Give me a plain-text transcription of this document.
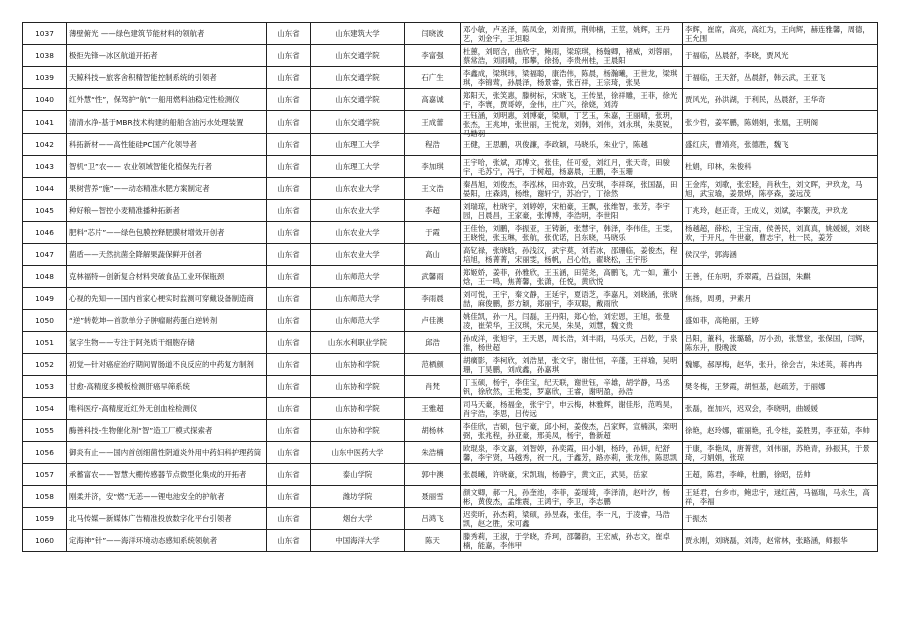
1037	薄壁俯光 ——绿色建筑节能材料的领航者	山东省	山东建筑大学	闫晓波	邓小敏，卢圣泽，陈凤金，刘青照，荆帅楠，王莖，姚辉，王丹艺，刘金宇，王坦聪	李辉，崔席，高亮，高红为，王向辉，赫连雅馨，周德，王允围

1038	极拒先锋—冰区航道开拓者	山东省	山东交通学院	李富强	杜蕙，刘昭含，曲欣宇，鲍雨，梁琼琪，杨翰卿，褚威，刘蓉丽，蔡常浩，刘雨晴，邢攀，徐扬，李贵州桂，王晨阳	于福临，丛晨舒，李晓，贾风光

1039	天鲸科技—旅客舍积精智能控制系统的引领者	山东省	山东交通学院	石广生	李鑫成，梁琪玮，梁福聪，康浩伟，陈晨，杨瀚曦，王世龙，梁琪琪，李锦莺，孙晨泽，杨景睿，张百祥，王宗琦，张昊	于福临，王天舒，丛晨舒，韩云武，王亚飞

1040	红外慧“性”，保驾护“航”一船用燃料油稳定性检测仪	山东省	山东交通学院	高嘉诚	郑阳天，张笑惠，滕树标，宋晓飞，王传星，徐祥雕，王菲，徐光宇，李寰，贾哥婷，金伟，庄广兴，徐娆，刘涛	贾风光，孙洪湖，于利民，丛晨舒，王华奇

1041	清清水净-基于MBR技术构建的船舶含油污水处理装置	山东省	山东交通学院	王成蕾	王钰涵，刘明惠，刘博豪，梁顺，丁艺玉，朱嘉，王丽晴，张玥，张杰，王兆坤，张世丽，王悦龙，刘韩，刘伟，刘永琪，朱莫锐，马皓羽	张少哲，姜军鹏，陈娟娟，张凰，王明阁

1042	科拓新材——高性能硅PC国产化领导者	山东省	山东理工大学	程浩	王健，王思鹏，巩俊濂，李政颖，马晓乐，朱业宁，陈越	盛红庆，曹靖亮，张德胜，魏飞

1043	智机“卫”农—— 农业领域智能化植保先行者	山东省	山东理工大学	李加琪	王宇哈，张斌，邓博文，张佳，任可爱，刘红月，张天奇，田骏宇，毛苏宁，冯宇，于树超，杨嘉晨，王鹏，李玉珊	杜娟，印林，朱俊科

1044	果树营养“施”——动态精准水肥方案制定者	山东省	山东农业大学	王文浩	秦昌旭，刘俊杰，李泓林，田亦致，吕安琪，李祥琛，张国磊，田晏阳，庄森鸿，杨维，谢轩宁，苏冶宁，丁徐然	王金库，刘歌，张宏睦，肖秋生，刘文晖，尹玖龙，马旭，武宝瑜，姜景烨，陈亭森，姜远茂

1045	种好粮—智控小麦精准播种拓新者	山东省	山东农业大学	李超	刘瑞琼，杜晓宇，刘婷婷，宋柏豪，王飘，张维智，张芳，李宇园，吕晨昌，王家豪，张博博，李浩明，李世阳	丁兆玲，赵正奇，王成义，刘斌，李繁茂，尹玖龙

1046	肥料“芯片”——绿色包膜控释肥膜材增效开创者	山东省	山东农业大学	于霞	王佳怡，刘鹏，李振亚，王铸新，张慧宇，韩泽，李伟佳，王雯，王晓悦，张玉琳，张航，张优诺，吕东晓，马晓乐	杨越超，薛松，王宝南，侯善民，刘真真，姚媛媛，刘晓欢，于开凡，牛世豪，曹志宇，杜一民，姜芳

1047	菌盾——天然抗菌全降解果蔬保鲜开创者	山东省	山东农业大学	高山	高钇禄，张晓晗，孙浅汉，武宇莫，刘若冰，邵珊临，姜俊杰，程培旭，杨菁菁，宋丽雯，杨帆，吕心怡，翟晓松，王宇彤	侯汉学，郭海涵

1048	克林福特—创新复合材料突破食品工业环保瓶颈	山东省	山东师范大学	武馨雨	郑姬娇，姜菲，孙雅欣，王玉涵，田莞尧，高鹏飞，尤一如，董小焓，王一鸣，焦菁馨，张潇，任悦，黄欣悦	王善，任东明，乔翠霞，吕益国，朱麒

1049	心视的先知——国内首家心梗实时监测可穿戴设备制造商	山东省	山东师范大学	李雨晨	刘可悦，王宇，秦文静，王延宇，夏语芝，李嘉凡，刘晓涵，张晓喆，麻俊鹏，彭方颖，郑丽宇，李双聪，戴雨欣	焦扬，周勇，尹素月

1050	“逆”转乾坤—首款单分子肿瘤耐药蛋白逆转剂	山东省	山东师范大学	卢佳澳	姚佳凯，孙一凡，闫磊，王丹阳，郑心怡，刘宏恩，王旭，张曼凌，崔荣华，王汉琪，宋元昊，朱昊，刘慧，魏文贵	盛如菲，高艳丽，王婷

1051	氢字生物——专注于阿尧质干细胞存储	山东省	山东水利职业学院	邱浩	孙成洋，张旭宇，王天恩，周长浩，刘丰雨，马乐天，吕乾，于泉淮，杨世超	吕阳，董科，张璐璐，厉小劲，张慧堂，张保国，闫辉，陈东升，殷晚波

1052	初觉—针对癌症治疗期间胃肠道不良反应的中药复方制剂	山东省	山东协和学院	范栖颜	胡癀影，李柯欣，刘浩星，张文宇，谢仕恒，辛蓬，王祥瑜，吴明珊，丁昊鹏，刘成鑫，孙嘉琪	魏娜，郝厚梅，赵华，张升，徐会吉，朱述英，蒋冉冉

1053	甘愈-高精度多模板检测肝癌早筛系统	山东省	山东协和学院	肖梵	丁玉硕，杨宇，李佳宝，纪天联，谢世钰，辛雄，胡学静，马丞钒，徐欣然，王艳雯，罗嘉欣，王睿，谢明盈，孙浩	樊冬梅，王梦霞，胡恒基，赵疏芳，于丽娜

1054	唯科医疗-高精度近红外无创血栓检测仪	山东省	山东协和学院	王雅超	司马天豪，杨福金，张宇宁，申云梅，林雅辉，谢佳彤，范鸣昊，肖宇浩，李思，吕传远	张磊，崔加兴，迟双会，李晓明，曲媛媛

1055	酶善科技-生物催化剂“智”造工厂模式探索者	山东省	山东协和学院	胡杨林	李佳欣，吉硕，包宇豪，邱小柯，姜俊杰，吕家辉，宣楠淇，栾明弼，张兆程，孙亚豪，邢美凤，杨宇，鲁新超	徐艳，赵玲娜，霍丽艳，孔令桂，姜胜男，李亚茹，李帅

1056	御炎有止——国内首创细菌性阴道炎外用中药妇科护理药筒	山东省	山东中医药大学	朱浩楠	欧琨泉，李文嘉，刘智婷，孙奕霞，田小娟，杨玲，孙妍，纪舒馨，李宇贤，马越秀，祝一凡，于鑫芳，路亦莉，张龙伟，陈思凯	于康，李艳凤，唐菁营，刘伟丽，苏艳青，孙振其，于景琦，刁娟娟，张琼

1057	承蓄富农——智慧大棚传感器节点微型化集成的开拓者	山东省	泰山学院	郭中澳	张晨曦，许晓豪，宋凯瑞，杨静宇，黄文正，武昊，岳家	王超，陈君，李峰，杜鹏，徐昭，岳帅

1058	刚柔并济，安“燃”无恙——锂电池安全的护航者	山东省	潍坊学院	聂丽雪	颜文卿，郝一凡，孙奎池，李菲，姜瑷琦，李泽清，赵叶汐，杨彬，黄俊杰，孟维震，王鸿宇，李卫，李志鹏	王延君，台乡市，鲍忠宇，逯红茜，马福瑞，马永生，高祥，李福

1059	北马传媒—新媒体广告精准投放数字化平台引领者	山东省	烟台大学	吕鸿飞	迟奕昕，孙杰莉，梁硕，孙昱森，张佳，李一凡，于凌睿，马浩凯，赵之胜，宋可鑫	于振杰

1060	定海神“针”——海洋环境动态感知系统领航者	山东省	中国海洋大学	陈天	滕秀莉，王淑，于学晓，乔珂，邵馨韵，王宏威，孙志文，崔卓楠，能嘉，李伟甲	贾永刚，刘晓磊，刘涛，赵常林，张路涵，师振华
